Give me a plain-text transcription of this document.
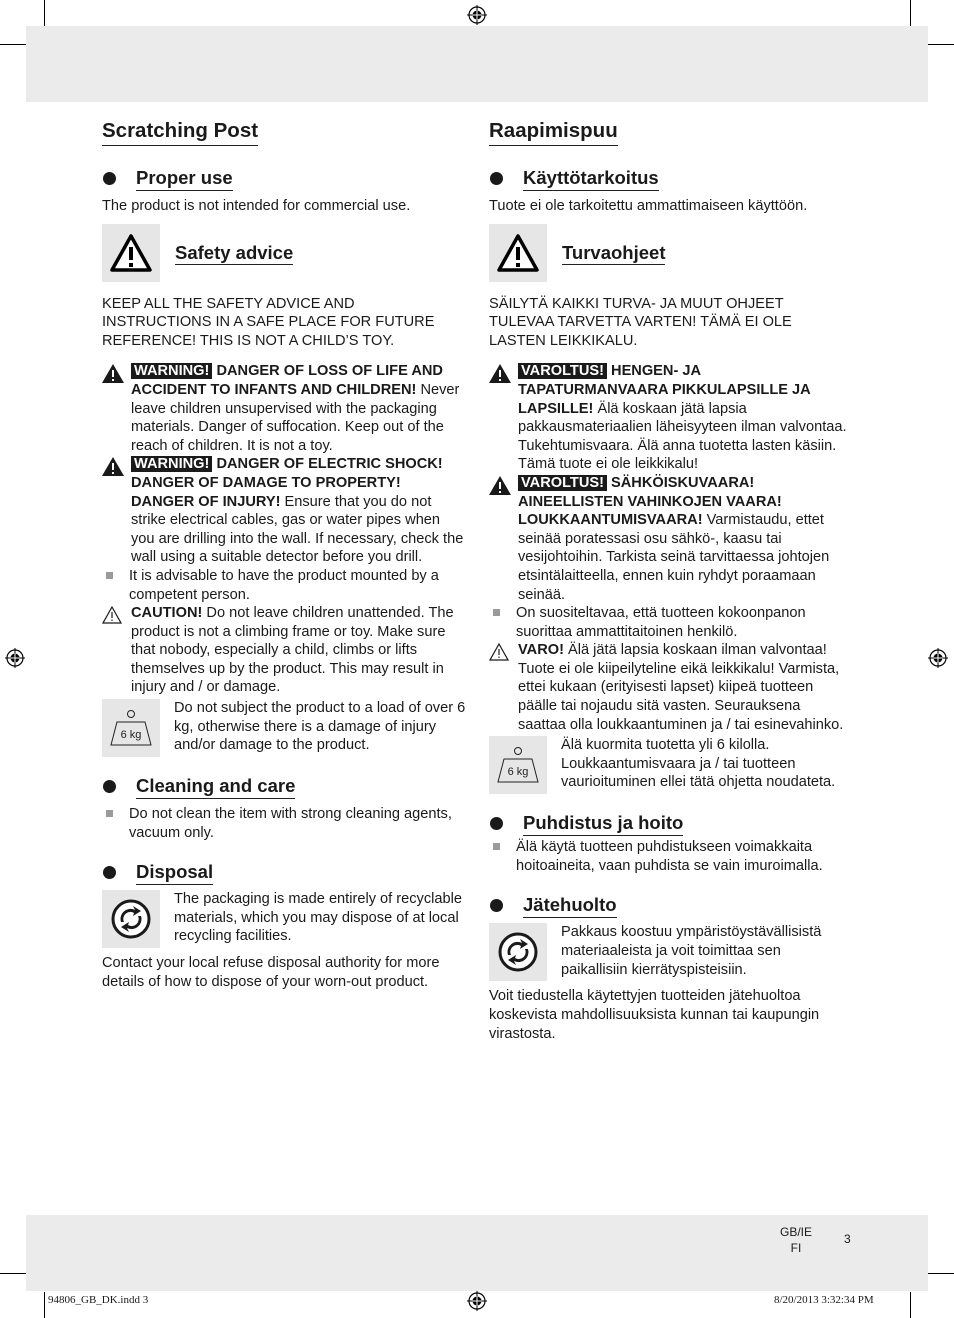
Scratching Post
Proper use

The product is not intended for commercial use.

Safety advice

KEEP ALL THE SAFETY ADVICE AND INSTRUCTIONS IN A SAFE PLACE FOR FUTURE REFERENCE! THIS IS NOT A CHILD’S TOY.

WARNING! DANGER OF LOSS OF LIFE AND ACCIDENT TO INFANTS AND CHILDREN! Never leave children unsupervised with the packaging materials. Danger of suffocation. Keep out of the reach of children. It is not a toy.
WARNING! DANGER OF ELECTRIC SHOCK! DANGER OF DAMAGE TO PROPERTY! DANGER OF INJURY! Ensure that you do not strike electrical cables, gas or water pipes when you are drilling into the wall. If necessary, check the wall using a suitable detector before you drill.
It is advisable to have the product mounted by a competent person.
CAUTION! Do not leave children unattended. The product is not a climbing frame or toy. Make sure that nobody, especially a child, climbs or lifts themselves up by the product. This may result in injury and / or damage.
6 kg
Do not subject the product to a load of over 6 kg, otherwise there is a damage of injury and/or damage to the product.
Cleaning and care
Do not clean the item with strong cleaning agents, vacuum only.
Disposal
The packaging is made entirely of recyclable materials, which you may dispose of at local recycling facilities.

Contact your local refuse disposal authority for more details of how to dispose of your worn-out product.

Raapimispuu
Käyttötarkoitus

Tuote ei ole tarkoitettu ammattimaiseen käyttöön.

Turvaohjeet

SÄILYTÄ KAIKKI TURVA- JA MUUT OHJEET TULEVAA TARVETTA VARTEN! TÄMÄ EI OLE LASTEN LEIKKIKALU.

VAROLTUS! HENGEN- JA TAPATURMANVAARA PIKKULAPSILLE JA LAPSILLE! Älä koskaan jätä lapsia pakkausmateriaalien läheisyyteen ilman valvontaa. Tukehtumisvaara. Älä anna tuotetta lasten käsiin. Tämä tuote ei ole leikkikalu!
VAROLTUS! SÄHKÖISKUVAARA! AINEELLISTEN VAHINKOJEN VAARA! LOUKKAANTUMISVAARA! Varmistaudu, ettet seinää poratessasi osu sähkö-, kaasu tai vesijohtoihin. Tarkista seinä tarvittaessa johtojen etsintälaitteella, ennen kuin ryhdyt poraamaan seinää.
On suositeltavaa, että tuotteen kokoonpanon suorittaa ammattitaitoinen henkilö.
VARO! Älä jätä lapsia koskaan ilman valvontaa! Tuote ei ole kiipeilyteline eikä leikkikalu! Varmista, ettei kukaan (erityisesti lapset) kiipeä tuotteen päälle tai nojaudu sitä vasten. Seurauksena saattaa olla loukkaantuminen ja / tai esinevahinko.
6 kg
Älä kuormita tuotetta yli 6 kilolla. Loukkaantumisvaara ja / tai tuotteen vaurioituminen ellei tätä ohjetta noudateta.
Puhdistus ja hoito
Älä käytä tuotteen puhdistukseen voimakkaita hoitoaineita, vaan puhdista se vain imuroimalla.
Jätehuolto
Pakkaus koostuu ympäristöystävällisistä materiaaleista ja voit toimittaa sen paikallisiin kierrätyspisteisiin.

Voit tiedustella käytettyjen tuotteiden jätehuoltoa koskevista mahdollisuuksista kunnan tai kaupungin virastosta.

GB/IE
FI
3
94806_GB_DK.indd 3	8/20/2013 3:32:34 PM
